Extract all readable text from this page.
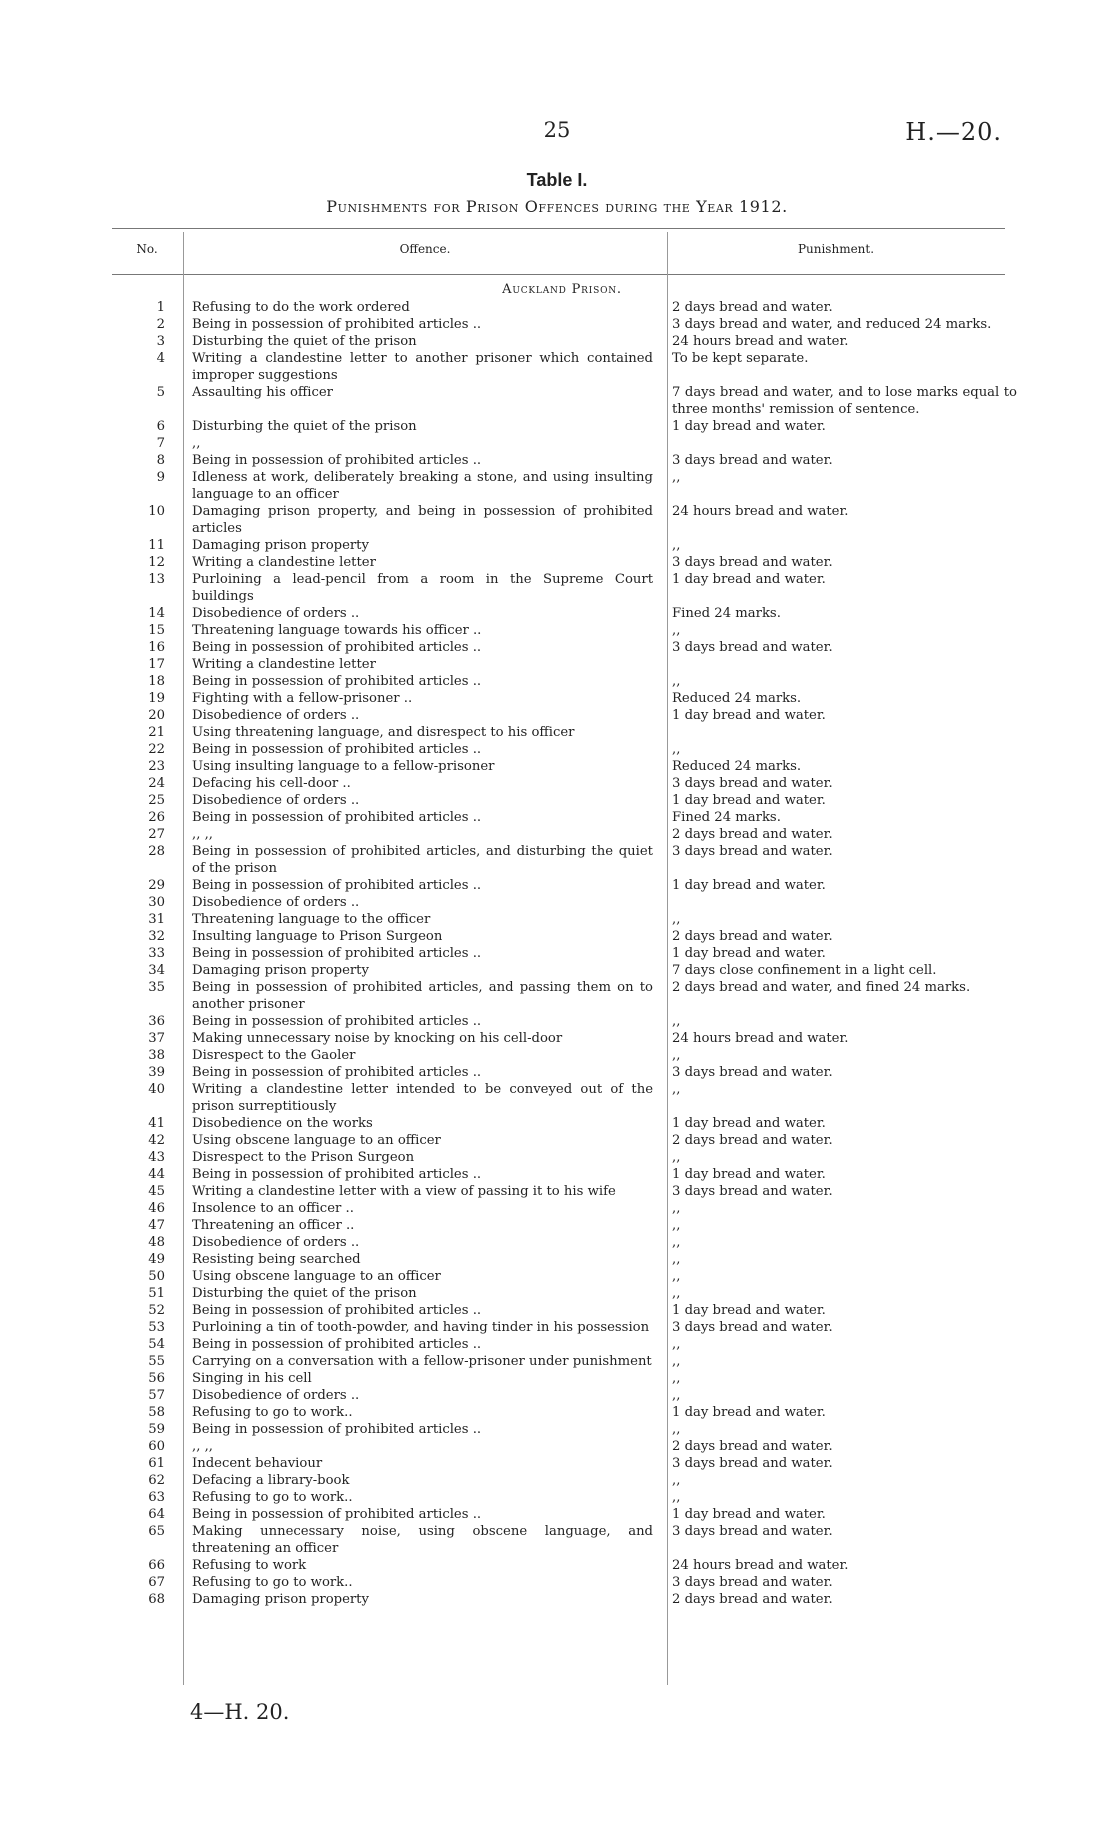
25	H.—20.
Table I.
Punishments for Prison Offences during the Year 1912.
No.	Offence.	Punishment.
Auckland Prison.
1 Refusing to do the work ordered	2 days bread and water.
2 Being in possession of prohibited articles ..	3 days bread and water, and reduced 24 marks.
3 Disturbing the quiet of the prison	24 hours bread and water.
4 Writing a clandestine letter to another prisoner which contained improper suggestions
To be kept separate.
5 Assaulting his officer	7 days bread and water, and to lose marks equal to three months' remission of sentence.
6 Disturbing the quiet of the prison	1 day bread and water.
7 ,,
8 Being in possession of prohibited articles ..	3 days bread and water.
9 Idleness at work, deliberately breaking a stone, and using insulting language to an officer
,,
10 Damaging prison property, and being in possession of prohibited articles
24 hours bread and water.
11 Damaging prison property	,,
12 Writing a clandestine letter	3 days bread and water.
13 Purloining a lead-pencil from a room in the Supreme Court buildings
1 day bread and water.
14 Disobedience of orders ..	Fined 24 marks.
15 Threatening language towards his officer ..	,,
16 Being in possession of prohibited articles ..	3 days bread and water.
17 Writing a clandestine letter
18 Being in possession of prohibited articles ..	,,
19 Fighting with a fellow-prisoner ..	Reduced 24 marks.
20 Disobedience of orders ..	1 day bread and water.
21 Using threatening language, and disrespect to his officer
22 Being in possession of prohibited articles ..	,,
23 Using insulting language to a fellow-prisoner	Reduced 24 marks.
24 Defacing his cell-door ..	3 days bread and water.
25 Disobedience of orders ..	1 day bread and water.
26 Being in possession of prohibited articles ..	Fined 24 marks.
27 ,, ,,	2 days bread and water.
28 Being in possession of prohibited articles, and disturbing the quiet of the prison
3 days bread and water.
29 Being in possession of prohibited articles ..	1 day bread and water.
30 Disobedience of orders ..
31 Threatening language to the officer	,,
32 Insulting language to Prison Surgeon	2 days bread and water.
33 Being in possession of prohibited articles ..	1 day bread and water.
34 Damaging prison property	7 days close confinement in a light cell.
35 Being in possession of prohibited articles, and passing them on to another prisoner
2 days bread and water, and fined 24 marks.
36 Being in possession of prohibited articles ..	,,
37 Making unnecessary noise by knocking on his cell-door	24 hours bread and water.
38 Disrespect to the Gaoler	,,
39 Being in possession of prohibited articles ..	3 days bread and water.
40 Writing a clandestine letter intended to be conveyed out of the prison surreptitiously
,,
41 Disobedience on the works	1 day bread and water.
42 Using obscene language to an officer	2 days bread and water.
43 Disrespect to the Prison Surgeon	,,
44 Being in possession of prohibited articles ..	1 day bread and water.
45 Writing a clandestine letter with a view of passing it to his wife	3 days bread and water.
46 Insolence to an officer ..	,,
47 Threatening an officer ..	,,
48 Disobedience of orders ..	,,
49 Resisting being searched	,,
50 Using obscene language to an officer	,,
51 Disturbing the quiet of the prison	,,
52 Being in possession of prohibited articles ..	1 day bread and water.
53 Purloining a tin of tooth-powder, and having tinder in his possession 3 days bread and water.
54 Being in possession of prohibited articles ..	,,
55 Carrying on a conversation with a fellow-prisoner under punishment ,,
56 Singing in his cell	,,
57 Disobedience of orders ..	,,
58 Refusing to go to work..	1 day bread and water.
59 Being in possession of prohibited articles ..	,,
60 ,, ,,	2 days bread and water.
61 Indecent behaviour	3 days bread and water.
62 Defacing a library-book	,,
63 Refusing to go to work..	,,
64 Being in possession of prohibited articles ..	1 day bread and water.
65 Making unnecessary noise, using obscene language, and threatening an officer
3 days bread and water.
66 Refusing to work	24 hours bread and water.
67 Refusing to go to work..	3 days bread and water.
68 Damaging prison property	2 days bread and water.
4—H. 20.
